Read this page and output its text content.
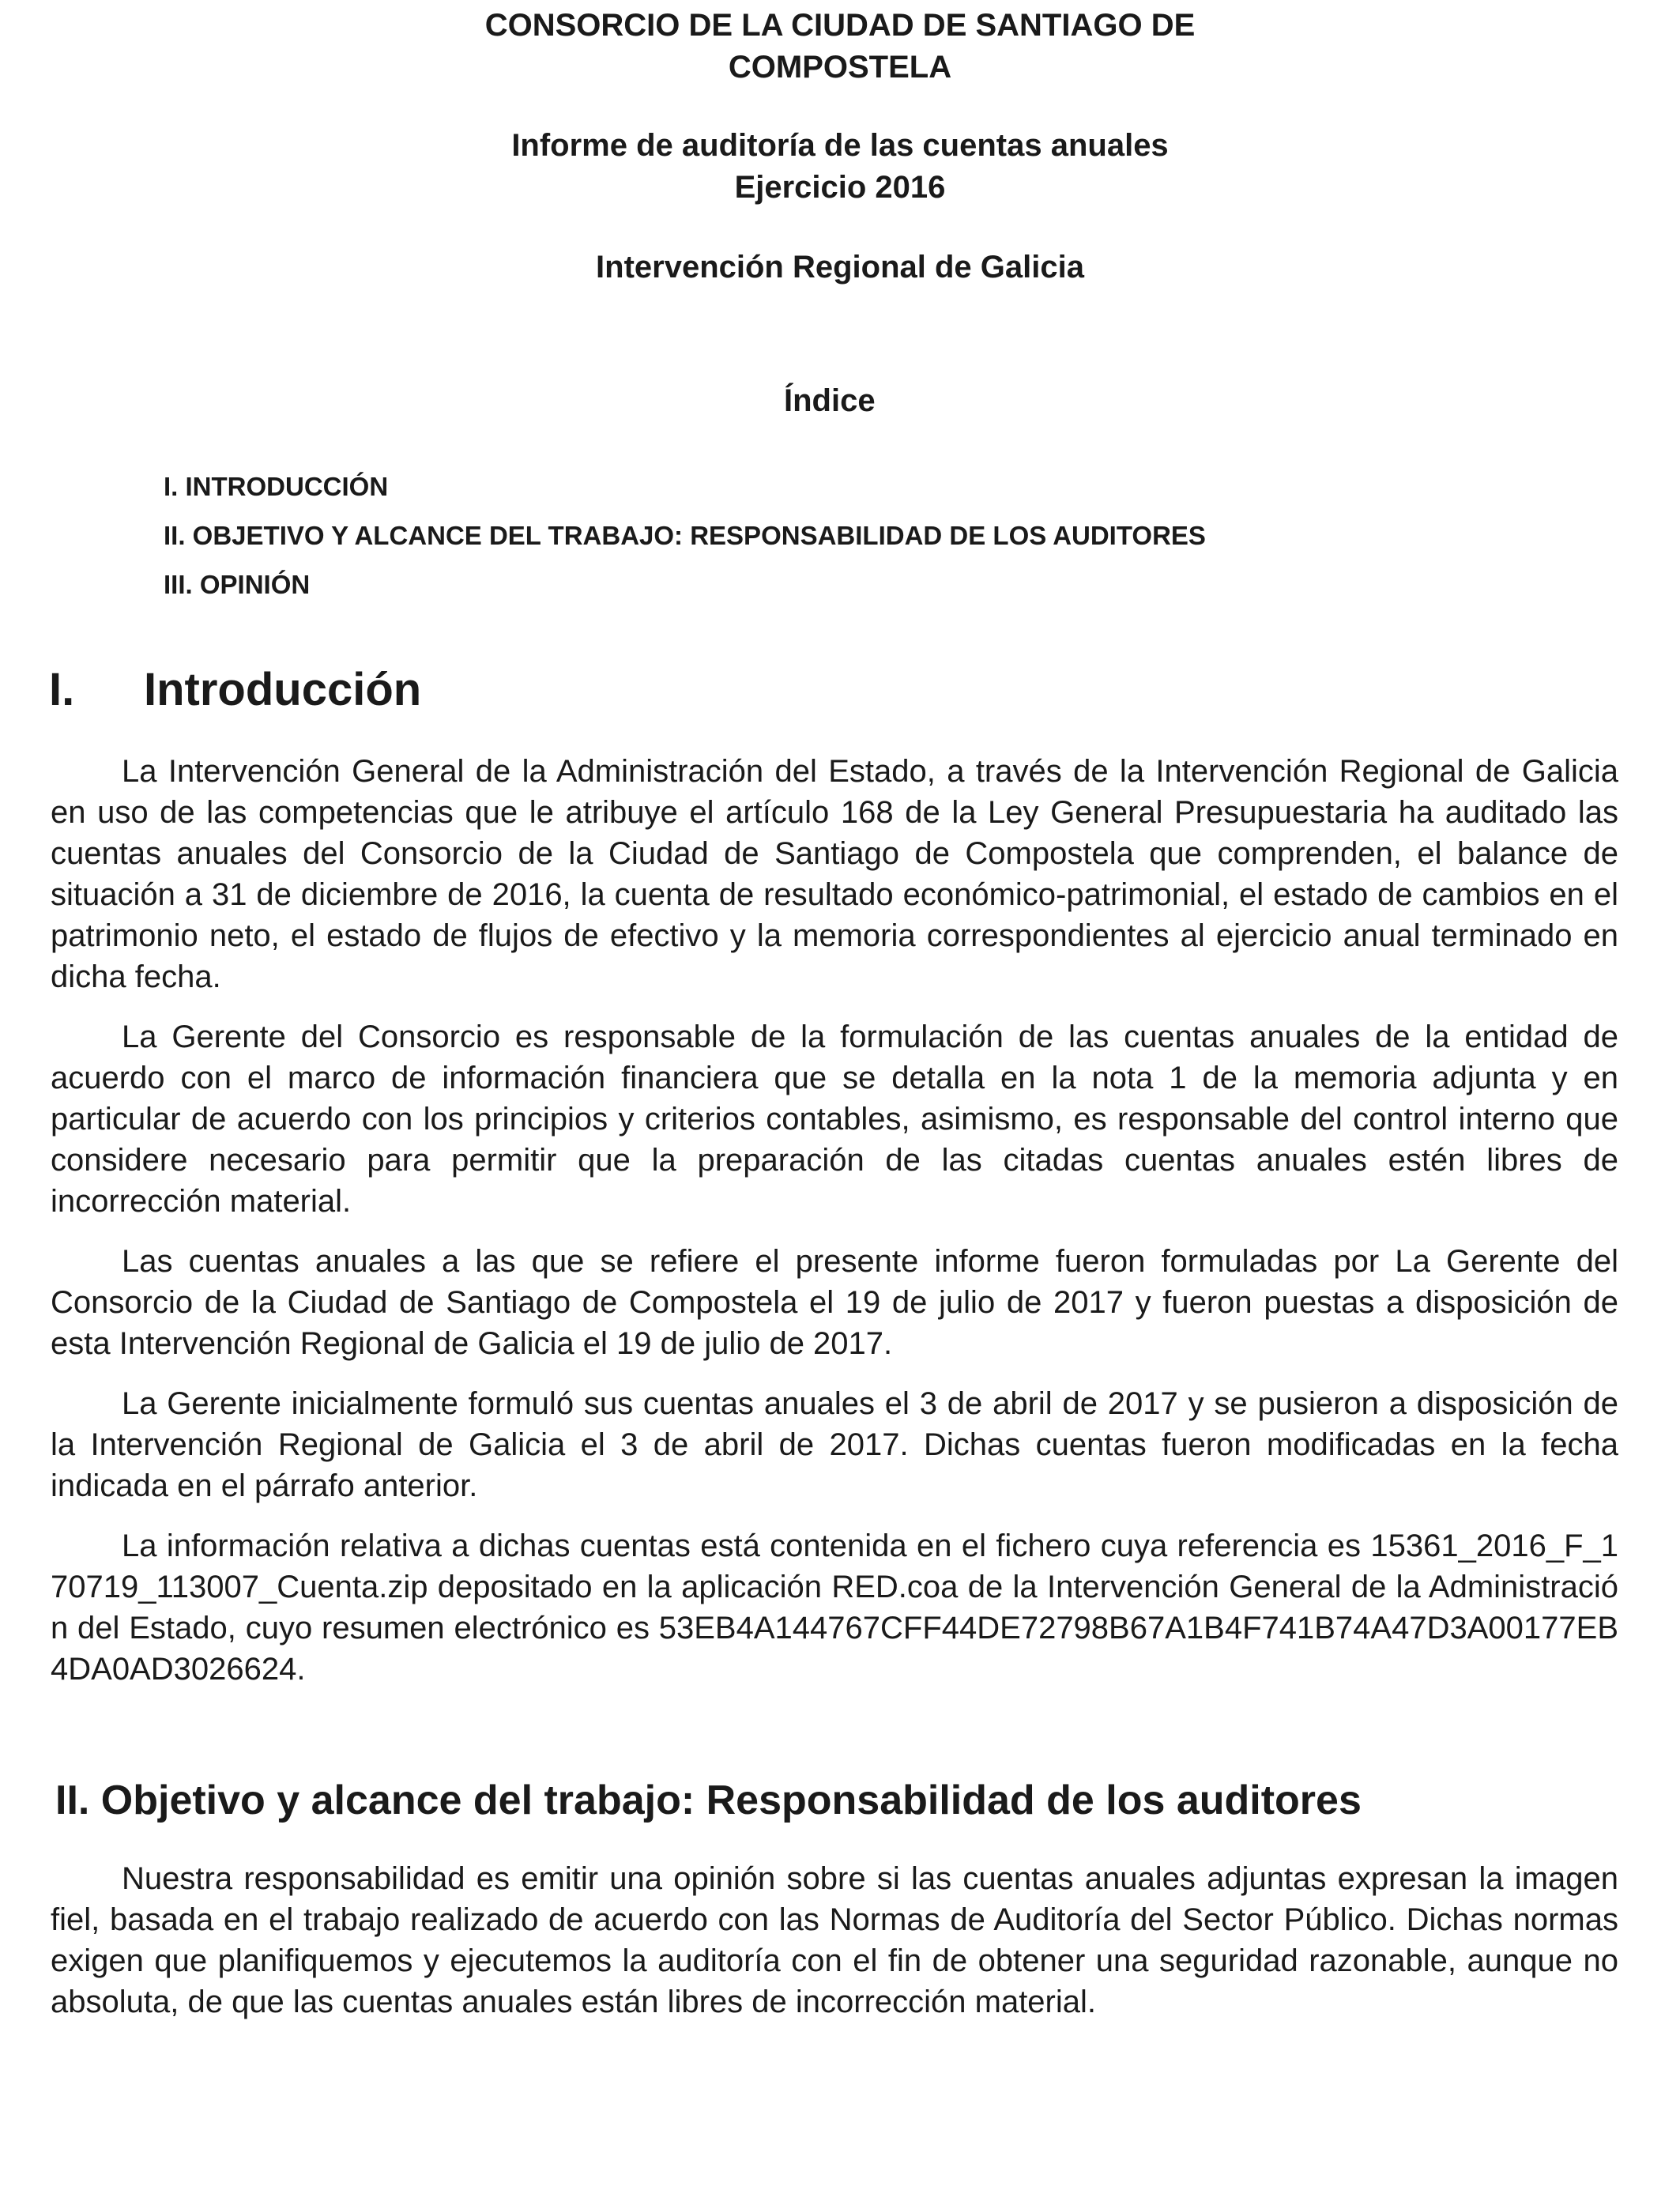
CONSORCIO DE LA CIUDAD DE SANTIAGO DE
COMPOSTELA
Informe de auditoría de las cuentas anuales
Ejercicio 2016
Intervención Regional de Galicia
Índice
I. INTRODUCCIÓN
II. OBJETIVO Y ALCANCE DEL TRABAJO: RESPONSABILIDAD DE LOS AUDITORES
III. OPINIÓN
I. Introducción

La Intervención General de la Administración del Estado, a través de la Intervención Regional de Galicia en uso de las competencias que le atribuye el artículo 168 de la Ley General Presupuestaria ha auditado las cuentas anuales del Consorcio de la Ciudad de Santiago de Compostela que comprenden, el balance de situación a 31 de diciembre de 2016, la cuenta de resultado económico-patrimonial, el estado de cambios en el patrimonio neto, el estado de flujos de efectivo y la memoria correspondientes al ejercicio anual terminado en dicha fecha.

La Gerente del Consorcio es responsable de la formulación de las cuentas anuales de la entidad de acuerdo con el marco de información financiera que se detalla en la nota 1 de la memoria adjunta y en particular de acuerdo con los principios y criterios contables, asimismo, es responsable del control interno que considere necesario para permitir que la preparación de las citadas cuentas anuales estén libres de incorrección material.

Las cuentas anuales a las que se refiere el presente informe fueron formuladas por La Gerente del Consorcio de la Ciudad de Santiago de Compostela el 19 de julio de 2017 y fueron puestas a disposición de esta Intervención Regional de Galicia el 19 de julio de 2017.

La Gerente inicialmente formuló sus cuentas anuales el 3 de abril de 2017 y se pusieron a disposición de la Intervención Regional de Galicia el 3 de abril de 2017. Dichas cuentas fueron modificadas en la fecha indicada en el párrafo anterior.

La información relativa a dichas cuentas está contenida en el fichero cuya referencia es 15361_2016_F_170719_113007_Cuenta.zip depositado en la aplicación RED.coa de la Intervención General de la Administración del Estado, cuyo resumen electrónico es 53EB4A144767CFF44DE72798B67A1B4F741B74A47D3A00177EB4DA0AD3026624.

II. Objetivo y alcance del trabajo: Responsabilidad de los auditores

Nuestra responsabilidad es emitir una opinión sobre si las cuentas anuales adjuntas expresan la imagen fiel, basada en el trabajo realizado de acuerdo con las Normas de Auditoría del Sector Público. Dichas normas exigen que planifiquemos y ejecutemos la auditoría con el fin de obtener una seguridad razonable, aunque no absoluta, de que las cuentas anuales están libres de incorrección material.
